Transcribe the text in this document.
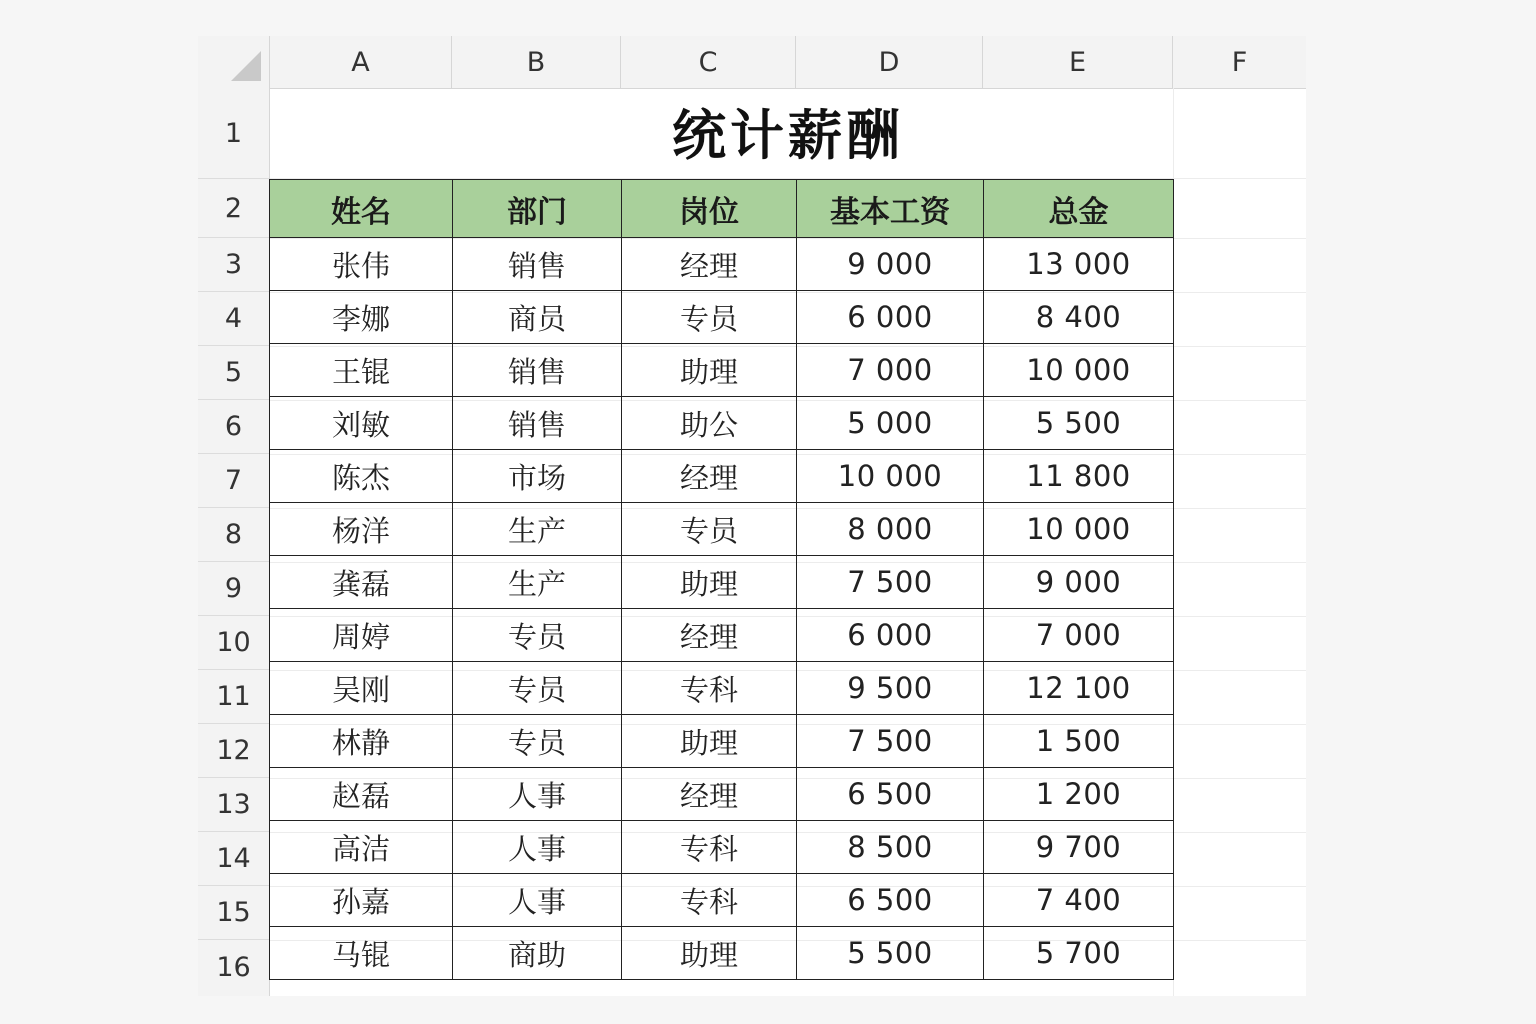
A	B	C	D	E	F
1
2
3
4
5
6
7
8
9
10
11
12
13
14
15
16
统计薪酬
姓名	部门	岗位	基本工资	总金
张伟	销售	经理	9 000	13 000
李娜	商员	专员	6 000	8 400
王锟	销售	助理	7 000	10 000
刘敏	销售	助公	5 000	5 500
陈杰	市场	经理	10 000	11 800
杨洋	生产	专员	8 000	10 000
龚磊	生产	助理	7 500	9 000
周婷	专员	经理	6 000	7 000
吴刚	专员	专科	9 500	12 100
林静	专员	助理	7 500	1 500
赵磊	人事	经理	6 500	1 200
高洁	人事	专科	8 500	9 700
孙嘉	人事	专科	6 500	7 400
马锟	商助	助理	5 500	5 700
